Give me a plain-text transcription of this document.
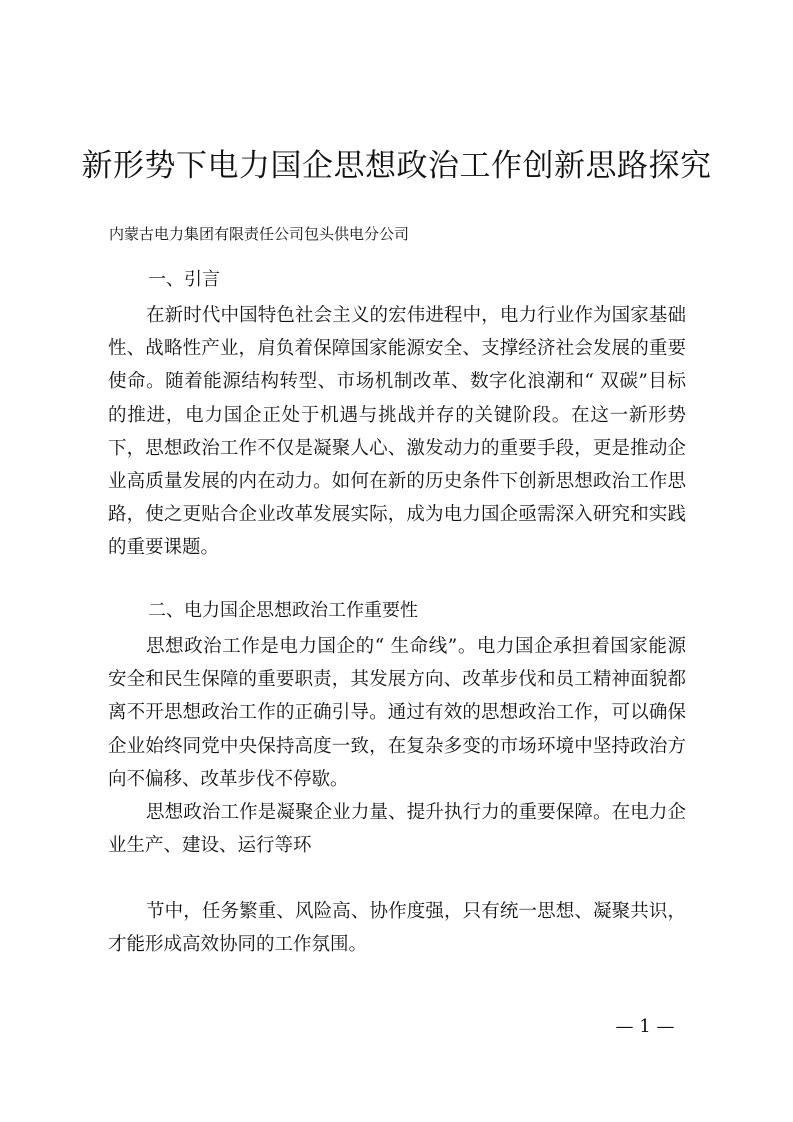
新形势下电力国企思想政治工作创新思路探究
内蒙古电力集团有限责任公司包头供电分公司
一、引言

在新时代中国特色社会主义的宏伟进程中，电力行业作为国家基础性、战略性产业，肩负着保障国家能源安全、支撑经济社会发展的重要使命。随着能源结构转型、市场机制改革、数字化浪潮和“ 双碳”目标的推进，电力国企正处于机遇与挑战并存的关键阶段。在这一新形势下，思想政治工作不仅是凝聚人心、激发动力的重要手段，更是推动企业高质量发展的内在动力。如何在新的历史条件下创新思想政治工作思路，使之更贴合企业改革发展实际，成为电力国企亟需深入研究和实践的重要课题。

二、电力国企思想政治工作重要性

思想政治工作是电力国企的“ 生命线”。电力国企承担着国家能源安全和民生保障的重要职责，其发展方向、改革步伐和员工精神面貌都离不开思想政治工作的正确引导。通过有效的思想政治工作，可以确保企业始终同党中央保持高度一致，在复杂多变的市场环境中坚持政治方向不偏移、改革步伐不停歇。

思想政治工作是凝聚企业力量、提升执行力的重要保障。在电力企业生产、建设、运行等环

节中，任务繁重、风险高、协作度强，只有统一思想、凝聚共识，才能形成高效协同的工作氛围。

— 1 —
